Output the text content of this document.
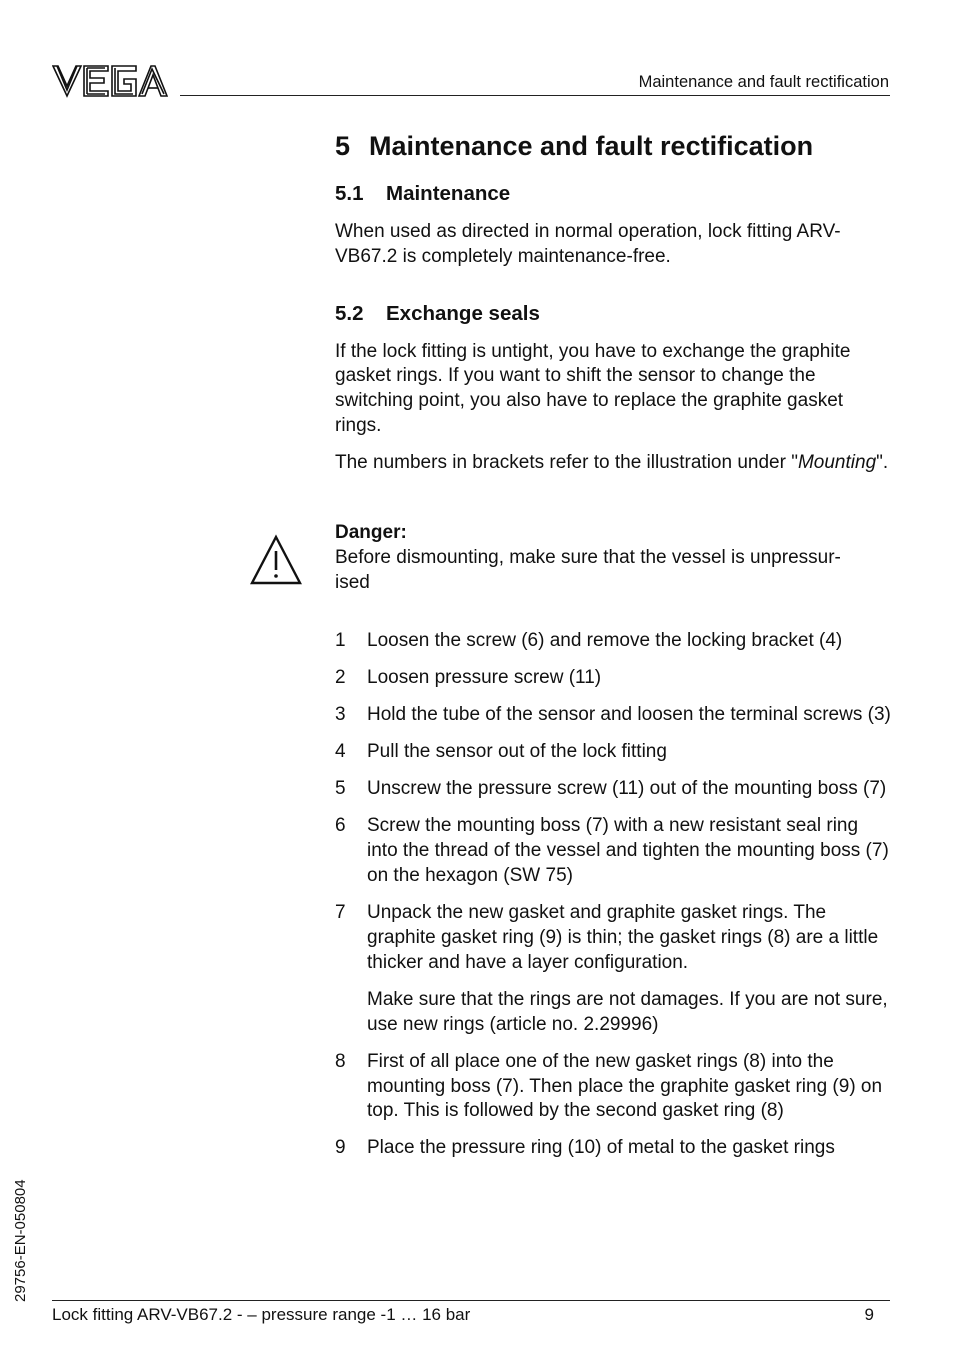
Maintenance and fault rectification
5 Maintenance and fault rectification
5.1 Maintenance

When used as directed in normal operation, lock fitting ARV-VB67.2 is completely maintenance-free.

5.2 Exchange seals

If the lock fitting is untight, you have to exchange the graphite gasket rings. If you want to shift the sensor to change the switching point, you also have to replace the graphite gasket rings.

The numbers in brackets refer to the illustration under "Mounting".

Danger:

Before dismounting, make sure that the vessel is unpressur-
ised

1 Loosen the screw (6) and remove the locking bracket (4)
2 Loosen pressure screw (11)
3 Hold the tube of the sensor and loosen the terminal screws (3)
4 Pull the sensor out of the lock fitting
5 Unscrew the pressure screw (11) out of the mounting boss (7)
6 Screw the mounting boss (7) with a new resistant seal ring into the thread of the vessel and tighten the mounting boss (7) on the hexagon (SW 75)
7 Unpack the new gasket and graphite gasket rings. The graphite gasket ring (9) is thin; the gasket rings (8) are a little thicker and have a layer configuration.
Make sure that the rings are not damages. If you are not sure, use new rings (article no. 2.29996)
8 First of all place one of the new gasket rings (8) into the mounting boss (7). Then place the graphite gasket ring (9) on top. This is followed by the second gasket ring (8)
9 Place the pressure ring (10) of metal to the gasket rings
29756-EN-050804
Lock fitting ARV-VB67.2 - – pressure range -1 … 16 bar	9
